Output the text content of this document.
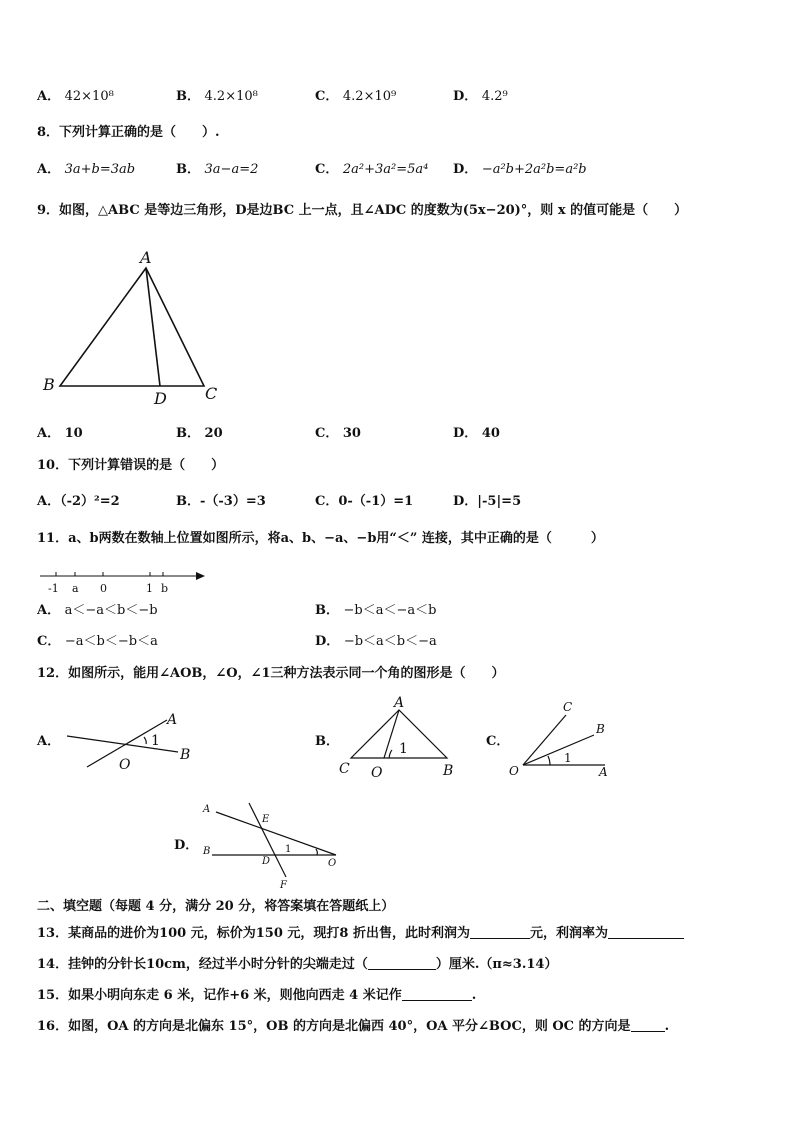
A． 42×10⁸	B． 4.2×10⁸	C． 4.2×10⁹	D． 4.2⁹
8．下列计算正确的是（　　）.
A． 3a+b=3ab	B． 3a−a=2	C． 2a²+3a²=5a⁴ D． −a²b+2a²b=a²b
9．如图，△ABC 是等边三角形，D是边BC 上一点，且∠ADC 的度数为(5x−20)°，则 x 的值可能是（　　）
A
B
D C
A． 10	B． 20	C． 30	D． 40
10．下列计算错误的是（　　）
A．（-2）²=2	B．-（-3）=3	C．0-（-1）=1	D．|-5|=5
11．a、b两数在数轴上位置如图所示，将a、b、−a、−b用“＜” 连接，其中正确的是（　　　）
-1 a 0	1 b
A． a＜−a＜b＜−b	B． −b＜a＜−a＜b
C． −a＜b＜−b＜a	D． −b＜a＜b＜−a
12．如图所示，能用∠AOB，∠O，∠1三种方法表示同一个角的图形是（　　）
A．	B．	C．
D．
A
O
B
1
A
C O	B
1
C
B
O	A
1
A
E
B
D	O
F
1
二、填空题（每题 4 分，满分 20 分，将答案填在答题纸上）
13．某商品的进价为100 元，标价为150 元，现打8 折出售，此时利润为	元，利润率为
14．挂钟的分针长10cm，经过半小时分针的尖端走过（	）厘米.（π≈3.14）
15．如果小明向东走 6 米，记作+6 米，则他向西走 4 米记作	.
16．如图，OA 的方向是北偏东 15°，OB 的方向是北偏西 40°，OA 平分∠BOC，则 OC 的方向是	.
